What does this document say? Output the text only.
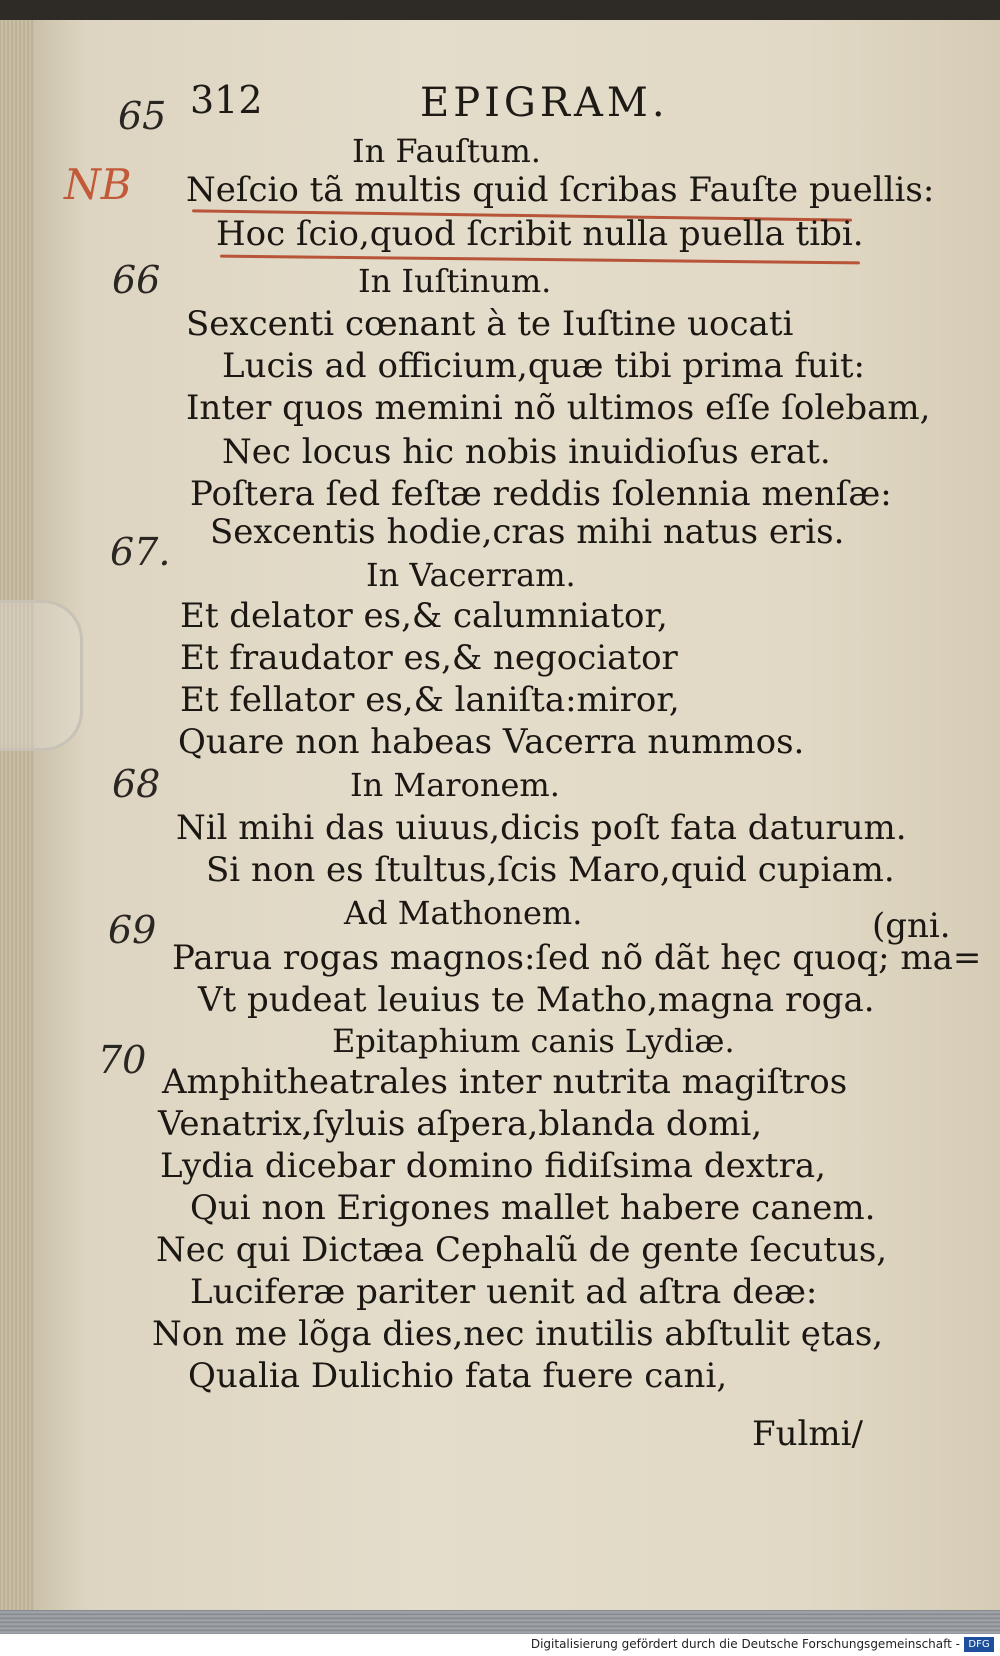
312	EPIGRAM.
65
NB
66
67.
68
69
70
In Fauſtum.
Neſcio tã multis quid ſcribas Fauſte puellis:
Hoc ſcio,quod ſcribit nulla puella tibi.
In Iuſtinum.
Sexcenti cœnant à te Iuſtine uocati
Lucis ad officium,quæ tibi prima fuit:
Inter quos memini nõ ultimos eſſe ſolebam,
Nec locus hic nobis inuidioſus erat.
Poſtera ſed feſtæ reddis ſolennia menſæ:
Sexcentis hodie,cras mihi natus eris.
In Vacerram.
Et delator es,& calumniator,
Et fraudator es,& negociator
Et fellator es,& laniſta:miror,
Quare non habeas Vacerra nummos.
In Maronem.
Nil mihi das uiuus,dicis poſt fata daturum.
Si non es ſtultus,ſcis Maro,quid cupiam.
Ad Mathonem.	(gni.
Parua rogas magnos:ſed nõ dãt hęc quoq; ma=
Vt pudeat leuius te Matho,magna roga.
Epitaphium canis Lydiæ.
Amphitheatrales inter nutrita magiſtros
Venatrix,ſyluis aſpera,blanda domi,
Lydia dicebar domino fidiſsima dextra,
Qui non Erigones mallet habere canem.
Nec qui Dictæa Cephalũ de gente ſecutus,
Luciferæ pariter uenit ad aſtra deæ:
Non me lõga dies,nec inutilis abſtulit ętas,
Qualia Dulichio fata fuere cani,
Fulmi/
Digitalisierung gefördert durch die Deutsche Forschungsgemeinschaft - DFG
